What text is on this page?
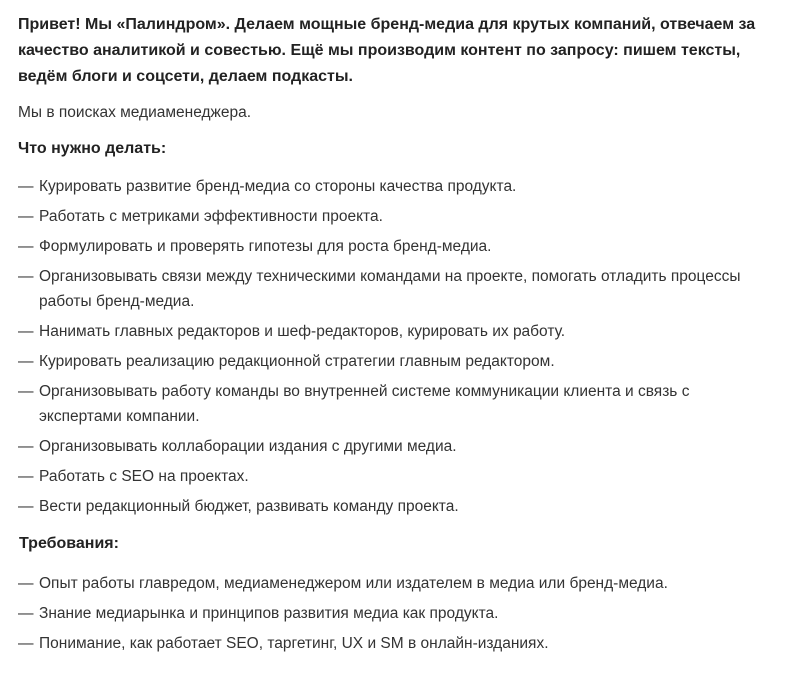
Привет! Мы «Палиндром». Делаем мощные бренд-медиа для крутых компаний, отвечаем за качество аналитикой и совестью. Ещё мы производим контент по запросу: пишем тексты, ведём блоги и соцсети, делаем подкасты.

Мы в поисках медиаменеджера.

Что нужно делать:
— Курировать развитие бренд-медиа со стороны качества продукта.
— Работать с метриками эффективности проекта.
— Формулировать и проверять гипотезы для роста бренд-медиа.
— Организовывать связи между техническими командами на проекте, помогать отладить процессы работы бренд-медиа.
— Нанимать главных редакторов и шеф-редакторов, курировать их работу.
— Курировать реализацию редакционной стратегии главным редактором.
— Организовывать работу команды во внутренней системе коммуникации клиента и связь с экспертами компании.
— Организовывать коллаборации издания с другими медиа.
— Работать с SEO на проектах.
— Вести редакционный бюджет, развивать команду проекта.
Требования:
— Опыт работы главредом, медиаменеджером или издателем в медиа или бренд-медиа.
— Знание медиарынка и принципов развития медиа как продукта.
— Понимание, как работает SEO, таргетинг, UX и SM в онлайн-изданиях.
